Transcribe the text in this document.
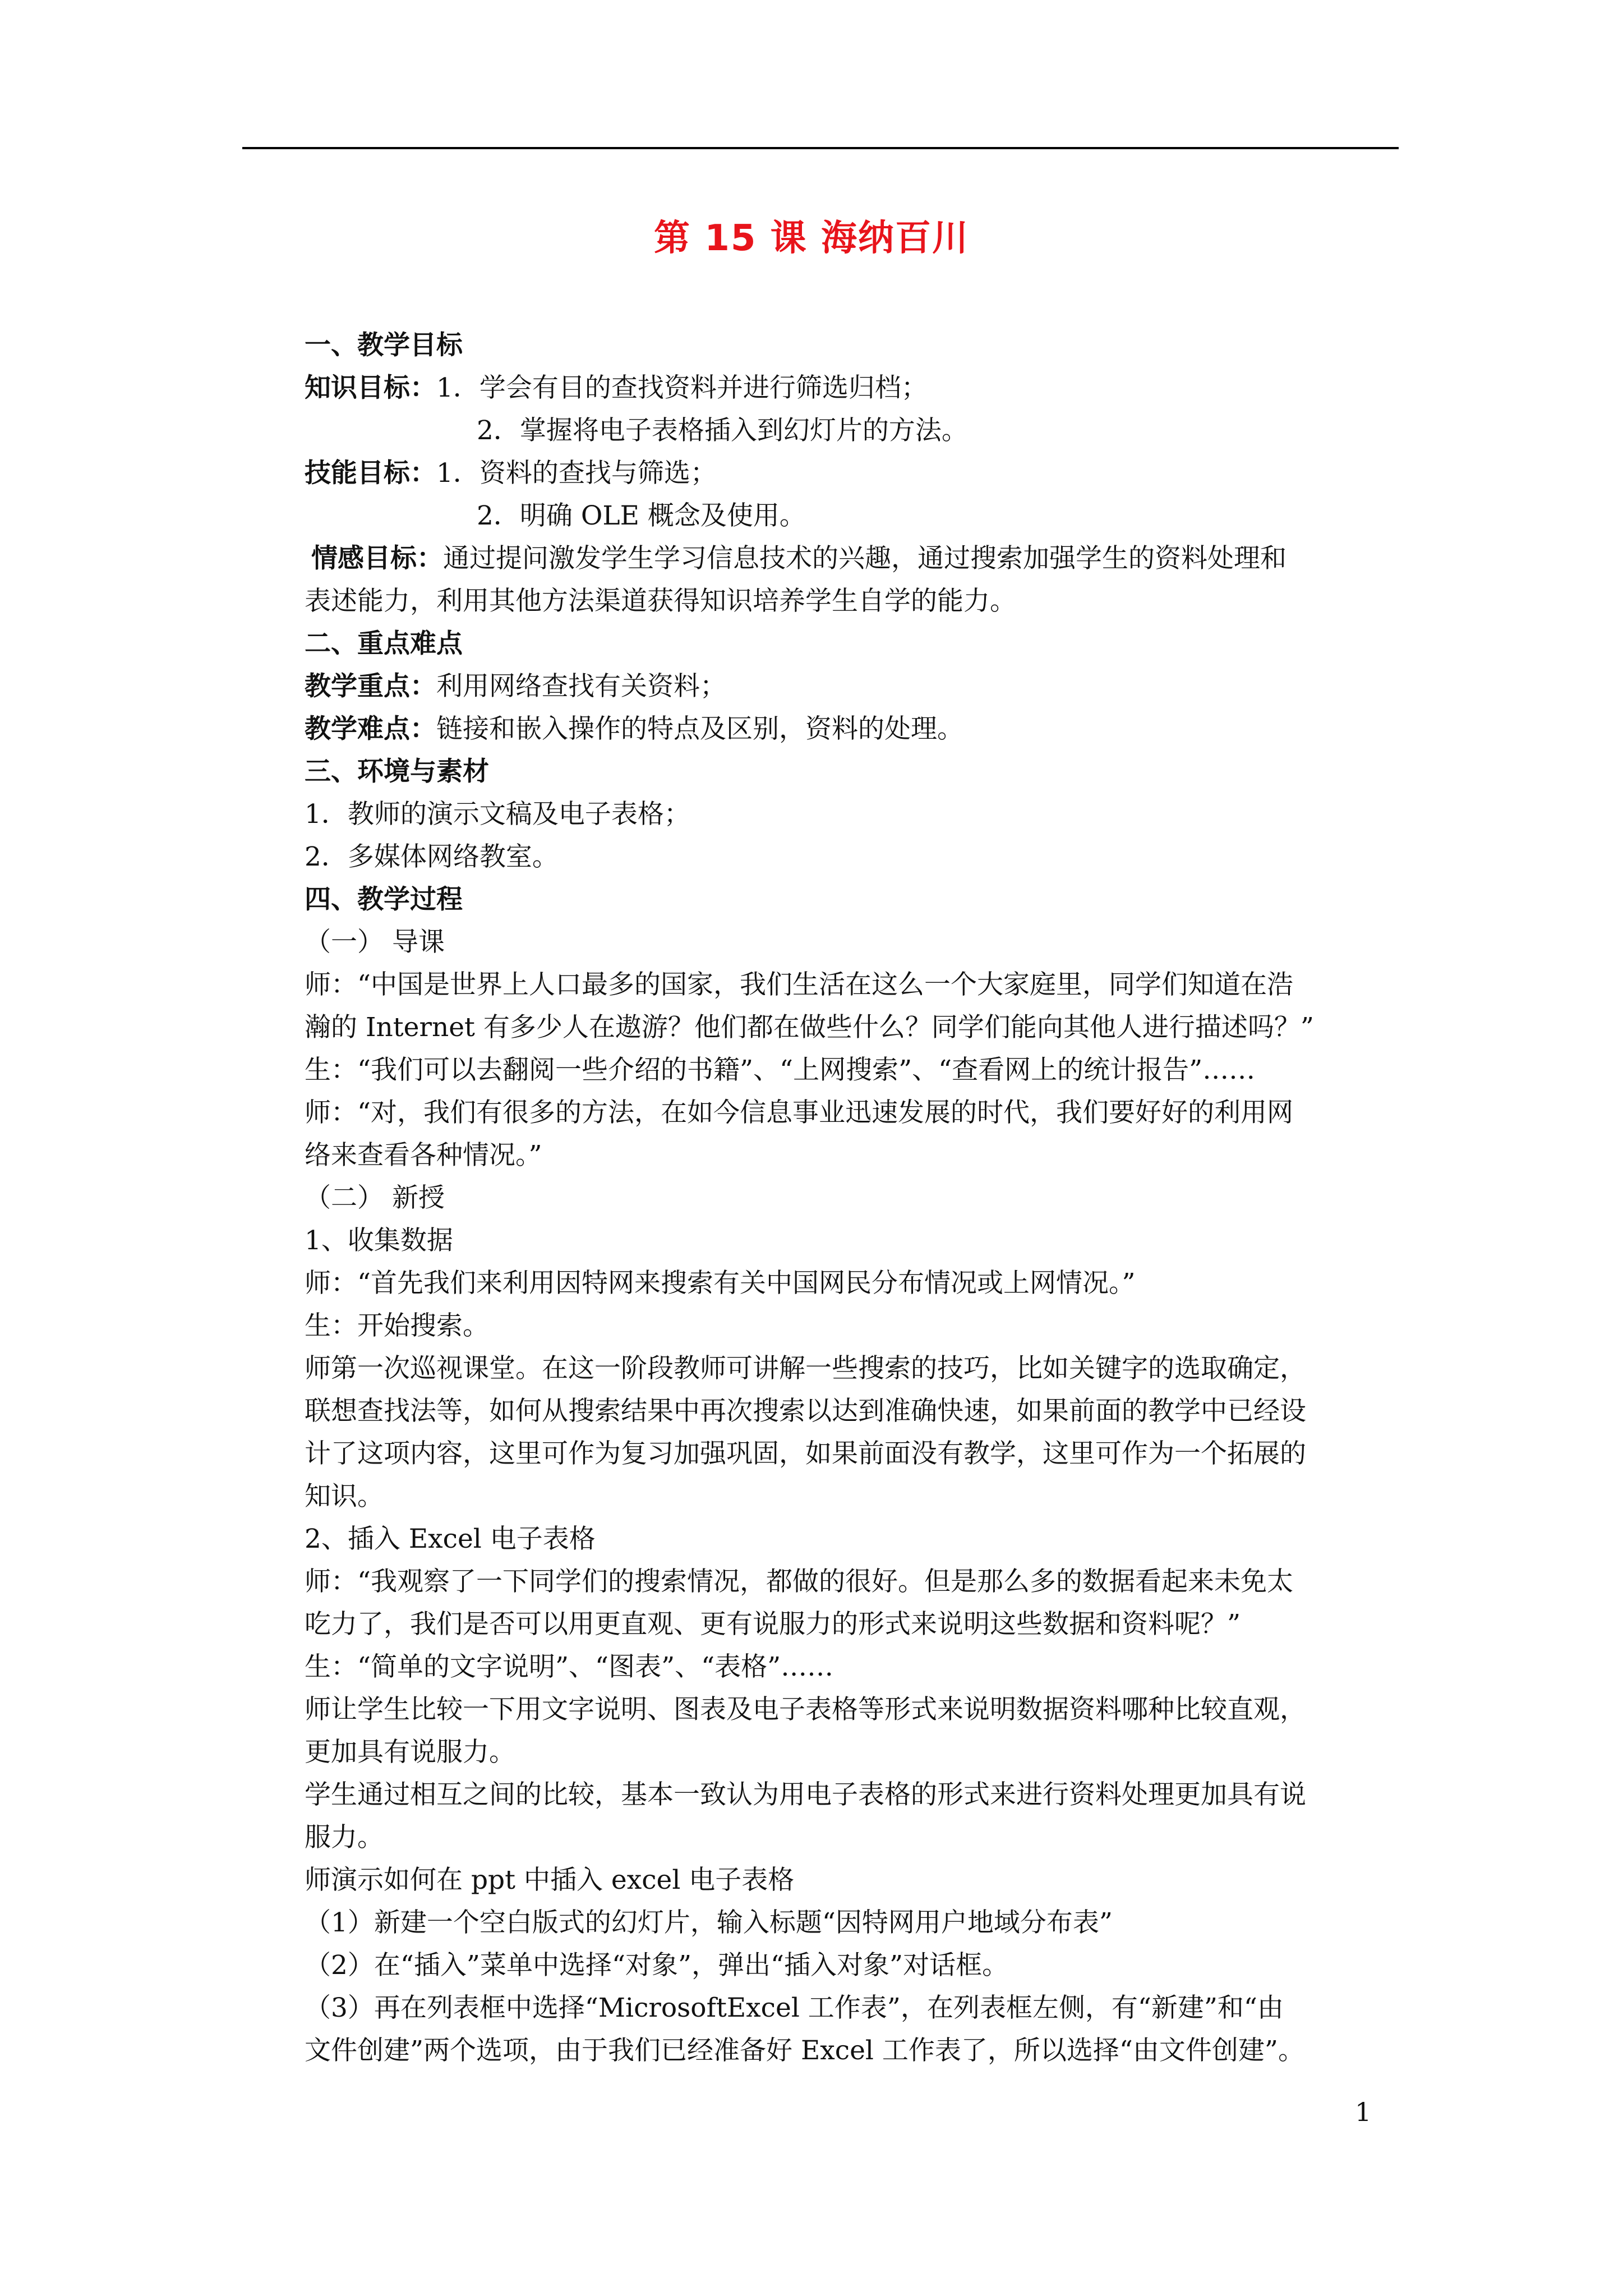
第 15 课 海纳百川
一、教学目标
知识目标：1．学会有目的查找资料并进行筛选归档；
2．掌握将电子表格插入到幻灯片的方法。
技能目标：1．资料的查找与筛选；
2．明确 OLE 概念及使用。
情感目标：通过提问激发学生学习信息技术的兴趣，通过搜索加强学生的资料处理和
表述能力，利用其他方法渠道获得知识培养学生自学的能力。
二、重点难点
教学重点：利用网络查找有关资料；
教学难点：链接和嵌入操作的特点及区别，资料的处理。
三、环境与素材
1．教师的演示文稿及电子表格；
2．多媒体网络教室。
四、教学过程
（一） 导课
师：“中国是世界上人口最多的国家，我们生活在这么一个大家庭里，同学们知道在浩
瀚的 Internet 有多少人在遨游？他们都在做些什么？同学们能向其他人进行描述吗？”
生：“我们可以去翻阅一些介绍的书籍”、“上网搜索”、“查看网上的统计报告”……
师：“对，我们有很多的方法，在如今信息事业迅速发展的时代，我们要好好的利用网
络来查看各种情况。”
（二） 新授
1、收集数据
师：“首先我们来利用因特网来搜索有关中国网民分布情况或上网情况。”
生：开始搜索。
师第一次巡视课堂。在这一阶段教师可讲解一些搜索的技巧，比如关键字的选取确定，
联想查找法等，如何从搜索结果中再次搜索以达到准确快速，如果前面的教学中已经设
计了这项内容，这里可作为复习加强巩固，如果前面没有教学，这里可作为一个拓展的
知识。
2、插入 Excel 电子表格
师：“我观察了一下同学们的搜索情况，都做的很好。但是那么多的数据看起来未免太
吃力了，我们是否可以用更直观、更有说服力的形式来说明这些数据和资料呢？”
生：“简单的文字说明”、“图表”、“表格”……
师让学生比较一下用文字说明、图表及电子表格等形式来说明数据资料哪种比较直观，
更加具有说服力。
学生通过相互之间的比较，基本一致认为用电子表格的形式来进行资料处理更加具有说
服力。
师演示如何在 ppt 中插入 excel 电子表格
（1）新建一个空白版式的幻灯片，输入标题“因特网用户地域分布表”
（2）在“插入”菜单中选择“对象”，弹出“插入对象”对话框。
（3）再在列表框中选择“MicrosoftExcel 工作表”，在列表框左侧，有“新建”和“由
文件创建”两个选项，由于我们已经准备好 Excel 工作表了，所以选择“由文件创建”。
1
